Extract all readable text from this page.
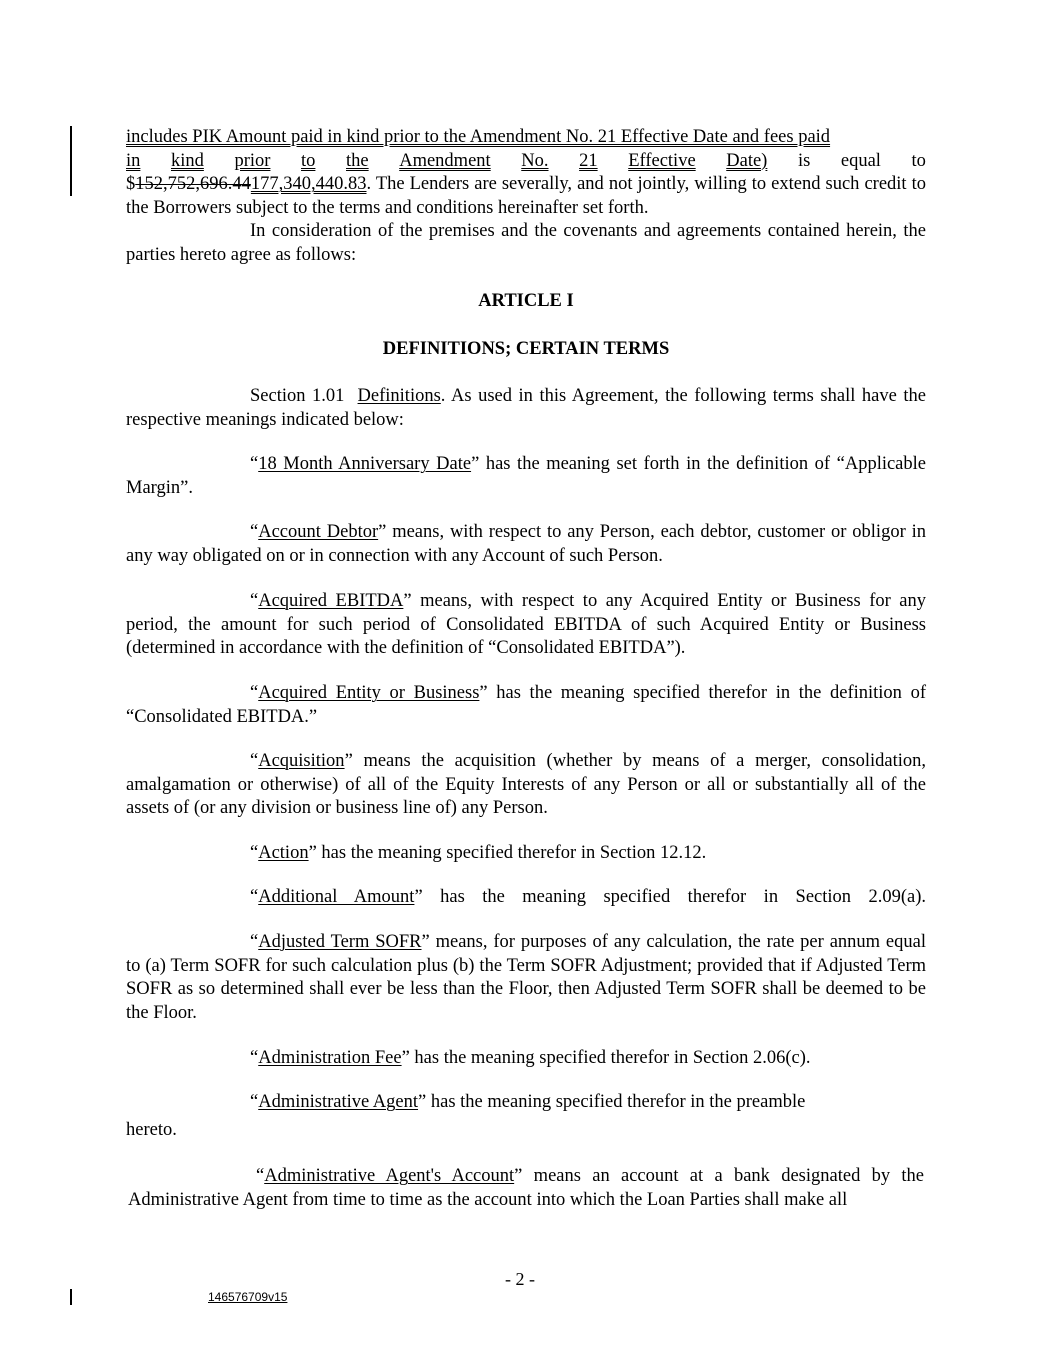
includes PIK Amount paid in kind prior to the Amendment No. 21 Effective Date and fees paid
in kind prior to the Amendment No. 21 Effective Date) is equal to
$152,752,696.44177,340,440.83. The Lenders are severally, and not jointly, willing to extend such credit to the Borrowers subject to the terms and conditions hereinafter set forth.
In consideration of the premises and the covenants and agreements contained herein, the parties hereto agree as follows:
ARTICLE I
DEFINITIONS; CERTAIN TERMS
Section 1.01 Definitions. As used in this Agreement, the following terms shall have the respective meanings indicated below:
“18 Month Anniversary Date” has the meaning set forth in the definition of “Applicable Margin”.
“Account Debtor” means, with respect to any Person, each debtor, customer or obligor in any way obligated on or in connection with any Account of such Person.
“Acquired EBITDA” means, with respect to any Acquired Entity or Business for any period, the amount for such period of Consolidated EBITDA of such Acquired Entity or Business (determined in accordance with the definition of “Consolidated EBITDA”).
“Acquired Entity or Business” has the meaning specified therefor in the definition of “Consolidated EBITDA.”
“Acquisition” means the acquisition (whether by means of a merger, consolidation, amalgamation or otherwise) of all of the Equity Interests of any Person or all or substantially all of the assets of (or any division or business line of) any Person.
“Action” has the meaning specified therefor in Section 12.12.
“Additional Amount” has the meaning specified therefor in Section 2.09(a).
“Adjusted Term SOFR” means, for purposes of any calculation, the rate per annum equal to (a) Term SOFR for such calculation plus (b) the Term SOFR Adjustment; provided that if Adjusted Term SOFR as so determined shall ever be less than the Floor, then Adjusted Term SOFR shall be deemed to be the Floor.
“Administration Fee” has the meaning specified therefor in Section 2.06(c).
“Administrative Agent” has the meaning specified therefor in the preamble
hereto.
“Administrative Agent's Account” means an account at a bank designated by the Administrative Agent from time to time as the account into which the Loan Parties shall make all
- 2 -
146576709v15
